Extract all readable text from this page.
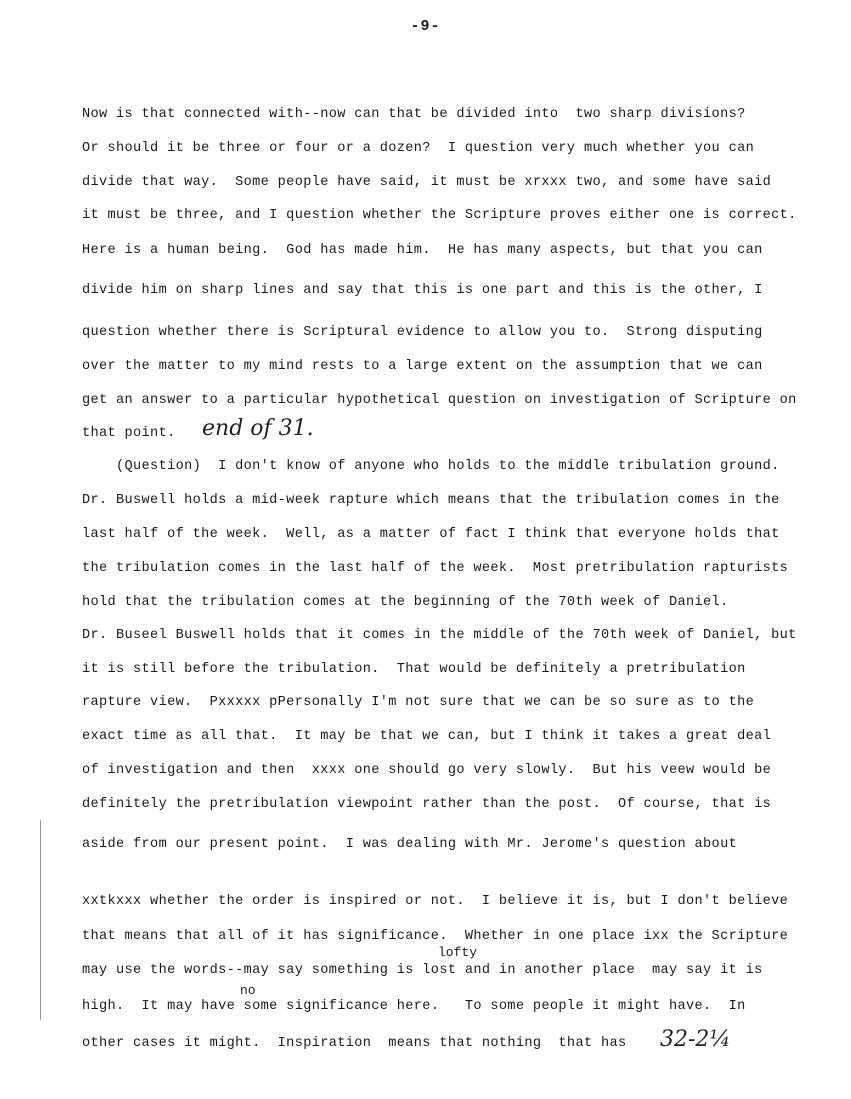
-9-
Now is that connected with--now can that be divided into  two sharp divisions?
Or should it be three or four or a dozen?  I question very much whether you can
divide that way.  Some people have said, it must be xrxxx two, and some have said
it must be three, and I question whether the Scripture proves either one is correct.
Here is a human being.  God has made him.  He has many aspects, but that you can
divide him on sharp lines and say that this is one part and this is the other, I
question whether there is Scriptural evidence to allow you to.  Strong disputing
over the matter to my mind rests to a large extent on the assumption that we can
get an answer to a particular hypothetical question on investigation of Scripture on
that point. end of 31.
(Question)  I don't know of anyone who holds to the middle tribulation ground.
Dr. Buswell holds a mid-week rapture which means that the tribulation comes in the
last half of the week.  Well, as a matter of fact I think that everyone holds that
the tribulation comes in the last half of the week.  Most pretribulation rapturists
hold that the tribulation comes at the beginning of the 70th week of Daniel.
Dr. Buseel Buswell holds that it comes in the middle of the 70th week of Daniel, but
it is still before the tribulation.  That would be definitely a pretribulation
rapture view.  Pxxxxx pPersonally I'm not sure that we can be so sure as to the
exact time as all that.  It may be that we can, but I think it takes a great deal
of investigation and then  xxxx one should go very slowly.  But his veew would be
definitely the pretribulation viewpoint rather than the post.  Of course, that is
aside from our present point.  I was dealing with Mr. Jerome's question about
xxtkxxx whether the order is inspired or not.  I believe it is, but I don't believe
that means that all of it has significance.  Whether in one place ixx the Scripture
lofty
may use the words--may say something is lost and in another place  may say it is
no
high.  It may have some significance here.   To some people it might have.  In
other cases it might.  Inspiration  means that nothing  that has 32-2¼
